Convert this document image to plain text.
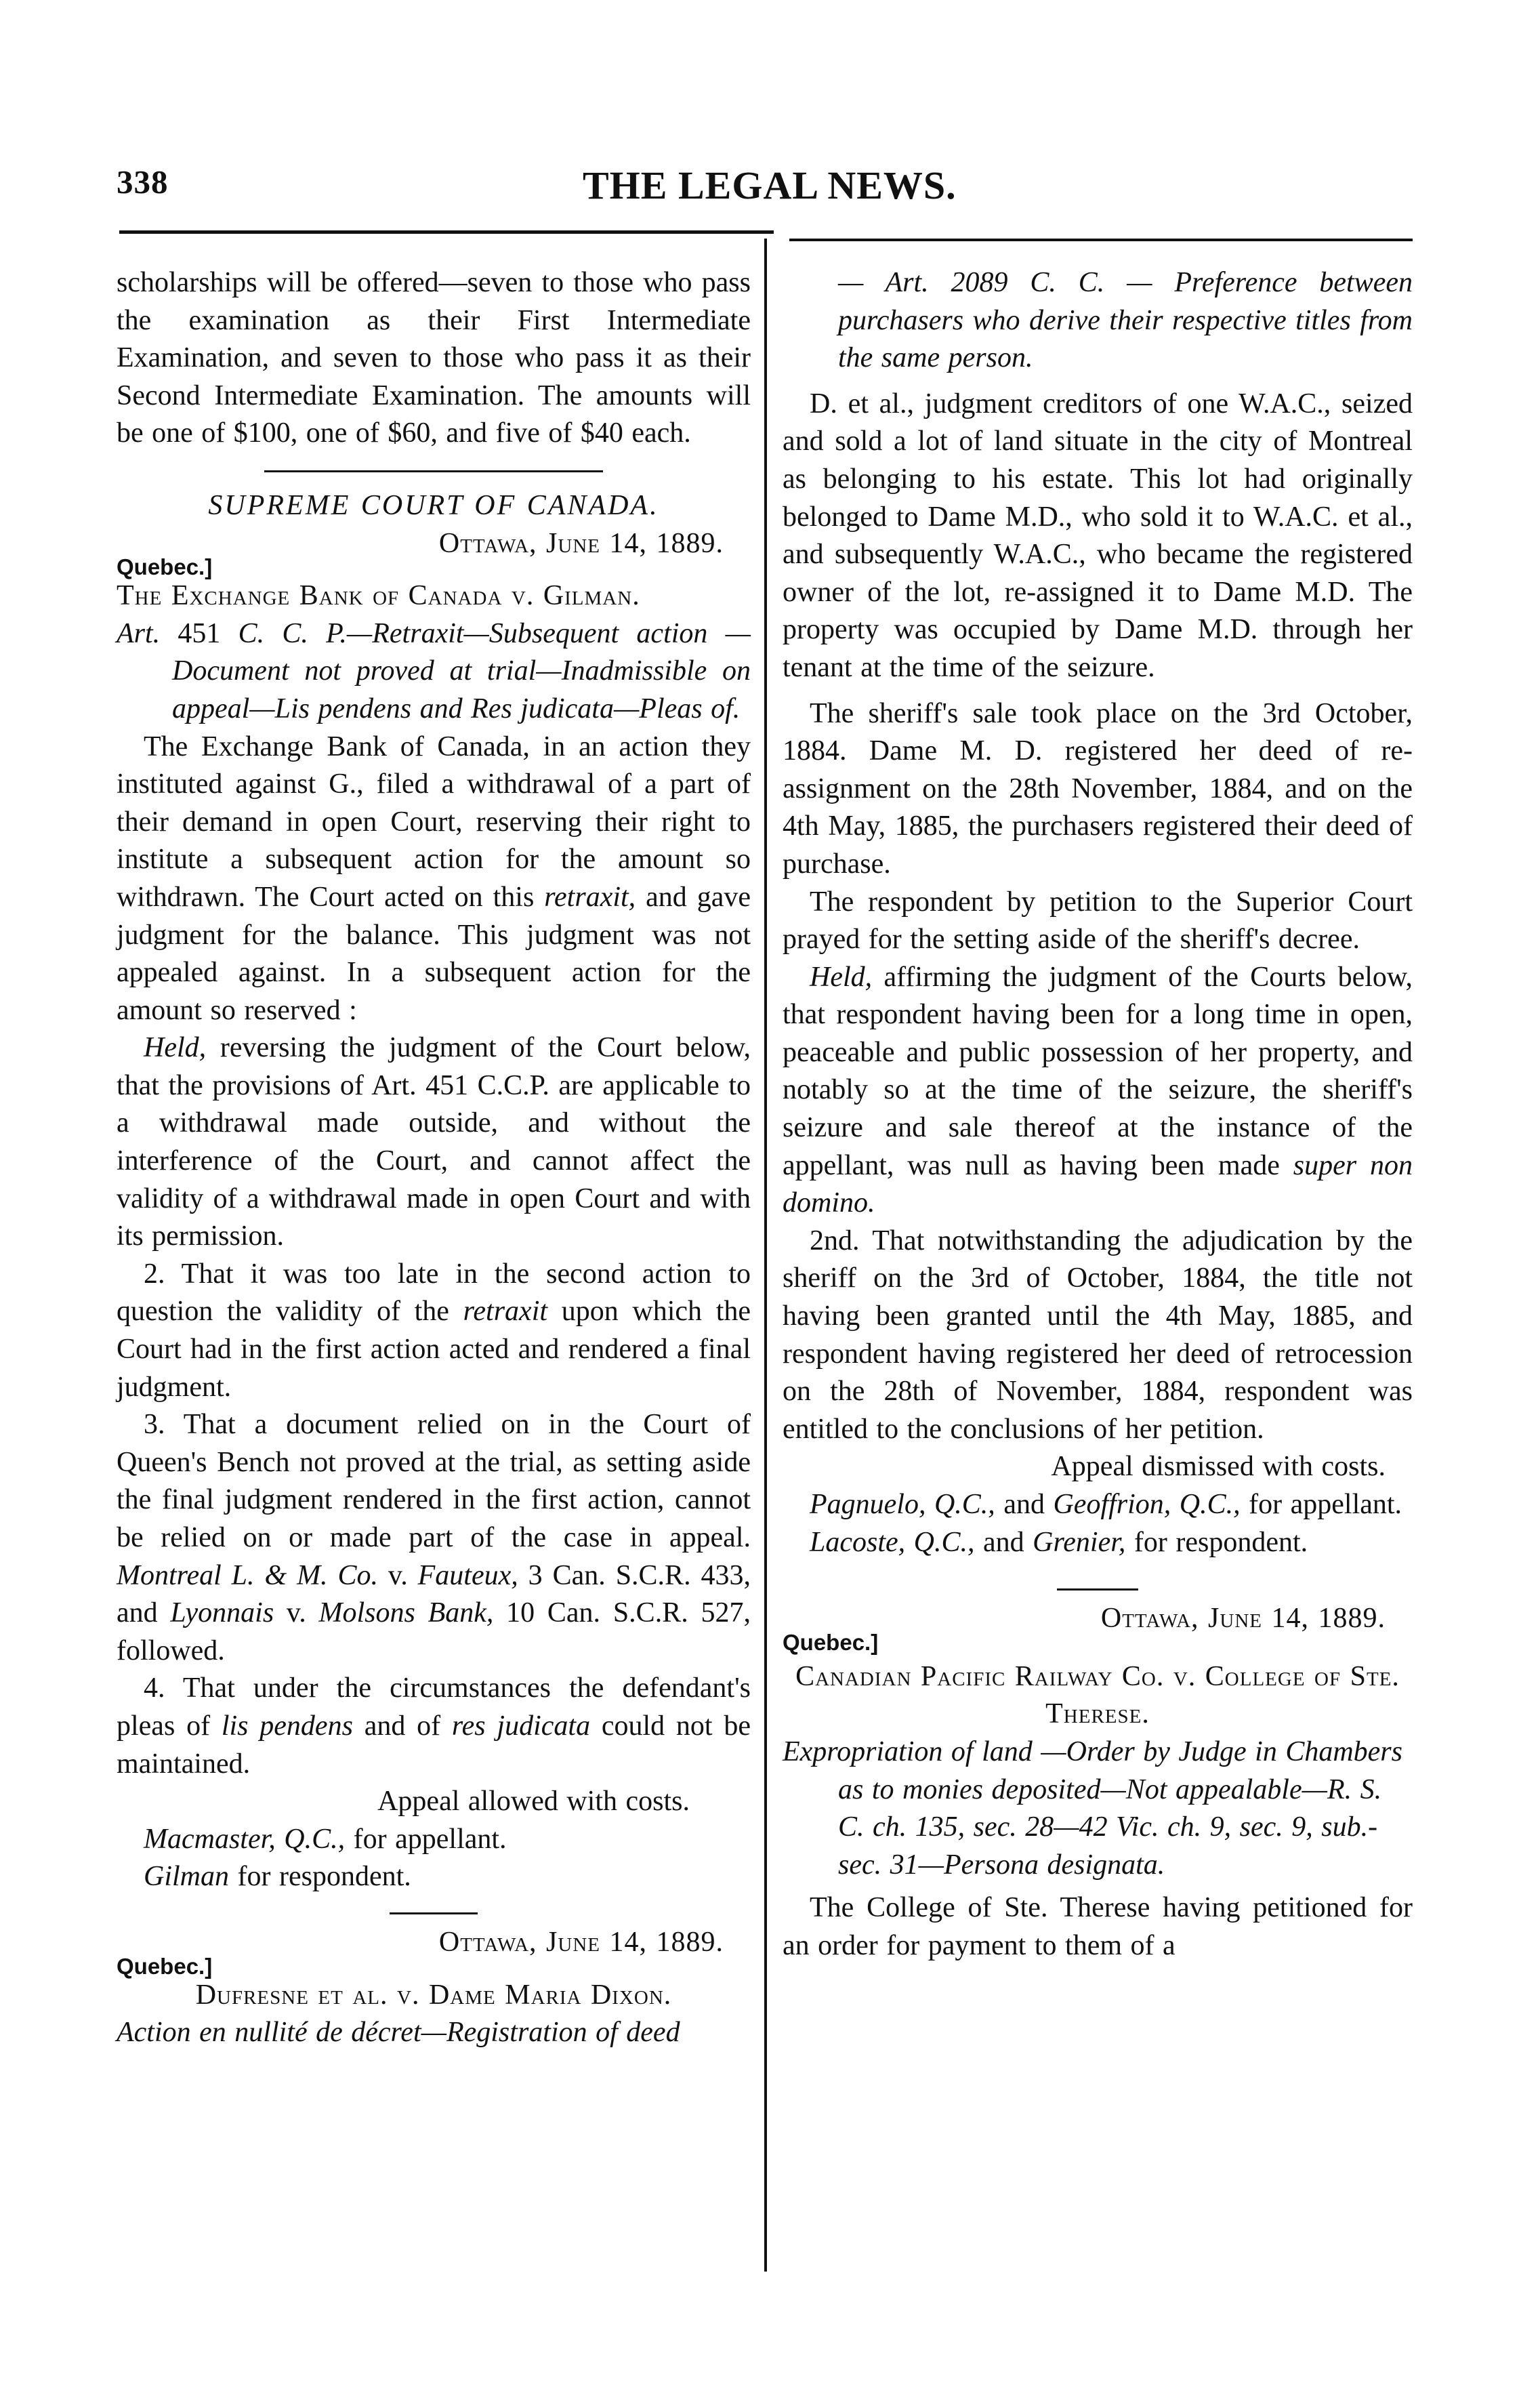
338	THE LEGAL NEWS.

scholarships will be offered—seven to those who pass the examination as their First Intermediate Examination, and seven to those who pass it as their Second Intermediate Examination. The amounts will be one of $100, one of $60, and five of $40 each.

SUPREME COURT OF CANADA.

Ottawa, June 14, 1889.

Quebec.]

The Exchange Bank of Canada v. Gilman.

Art. 451 C. C. P.—Retraxit—Subsequent action —Document not proved at trial—Inadmissible on appeal—Lis pendens and Res judicata—Pleas of.

The Exchange Bank of Canada, in an action they instituted against G., filed a withdrawal of a part of their demand in open Court, reserving their right to institute a subsequent action for the amount so withdrawn. The Court acted on this retraxit, and gave judgment for the balance. This judgment was not appealed against. In a subsequent action for the amount so reserved :

Held, reversing the judgment of the Court below, that the provisions of Art. 451 C.C.P. are applicable to a withdrawal made outside, and without the interference of the Court, and cannot affect the validity of a withdrawal made in open Court and with its permission.

2. That it was too late in the second action to question the validity of the retraxit upon which the Court had in the first action acted and rendered a final judgment.

3. That a document relied on in the Court of Queen's Bench not proved at the trial, as setting aside the final judgment rendered in the first action, cannot be relied on or made part of the case in appeal. Montreal L. & M. Co. v. Fauteux, 3 Can. S.C.R. 433, and Lyonnais v. Molsons Bank, 10 Can. S.C.R. 527, followed.

4. That under the circumstances the defendant's pleas of lis pendens and of res judicata could not be maintained.

Appeal allowed with costs.

Macmaster, Q.C., for appellant.

Gilman for respondent.

Ottawa, June 14, 1889.

Quebec.]

Dufresne et al. v. Dame Maria Dixon.

Action en nullité de décret—Registration of deed

— Art. 2089 C. C. — Preference between purchasers who derive their respective titles from the same person.

D. et al., judgment creditors of one W.A.C., seized and sold a lot of land situate in the city of Montreal as belonging to his estate. This lot had originally belonged to Dame M.D., who sold it to W.A.C. et al., and subsequently W.A.C., who became the registered owner of the lot, re-assigned it to Dame M.D. The property was occupied by Dame M.D. through her tenant at the time of the seizure.

The sheriff's sale took place on the 3rd October, 1884. Dame M. D. registered her deed of re-assignment on the 28th November, 1884, and on the 4th May, 1885, the purchasers registered their deed of purchase.

The respondent by petition to the Superior Court prayed for the setting aside of the sheriff's decree.

Held, affirming the judgment of the Courts below, that respondent having been for a long time in open, peaceable and public possession of her property, and notably so at the time of the seizure, the sheriff's seizure and sale thereof at the instance of the appellant, was null as having been made super non domino.

2nd. That notwithstanding the adjudication by the sheriff on the 3rd of October, 1884, the title not having been granted until the 4th May, 1885, and respondent having registered her deed of retrocession on the 28th of November, 1884, respondent was entitled to the conclusions of her petition.

Appeal dismissed with costs.

Pagnuelo, Q.C., and Geoffrion, Q.C., for appellant.

Lacoste, Q.C., and Grenier, for respondent.

Ottawa, June 14, 1889.

Quebec.]

Canadian Pacific Railway Co. v. College of Ste. Therese.

Expropriation of land —Order by Judge in Chambers as to monies deposited—Not appealable—R. S. C. ch. 135, sec. 28—42 Vic. ch. 9, sec. 9, sub.-sec. 31—Persona designata.

The College of Ste. Therese having petitioned for an order for payment to them of a
